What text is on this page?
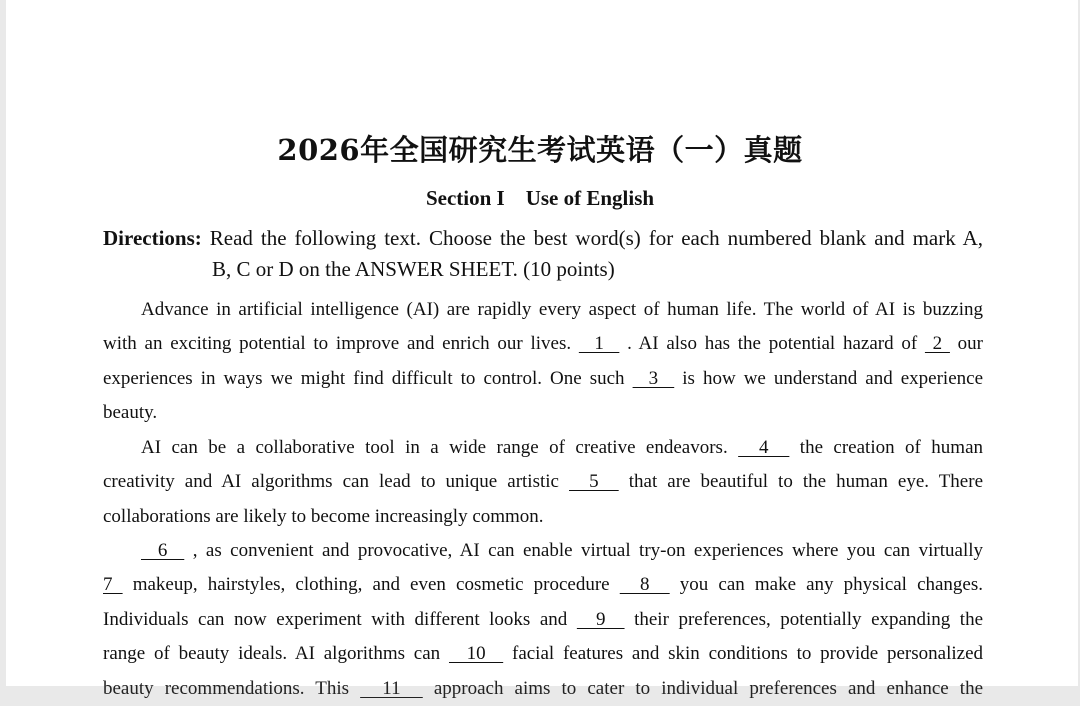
2026年全国研究生考试英语（一）真题
Section I    Use of English
Directions: Read the following text. Choose the best word(s) for each numbered blank and mark A,
B, C or D on the ANSWER SHEET. (10 points)
Advance in artificial intelligence (AI) are rapidly every aspect of human life. The world of AI is buzzing
with an exciting potential to improve and enrich our lives.   1   . AI also has the potential hazard of  2  our
experiences in ways we might find difficult to control. One such   3   is how we understand and experience
beauty.
AI can be a collaborative tool in a wide range of creative endeavors.   4   the creation of human
creativity and AI algorithms can lead to unique artistic   5   that are beautiful to the human eye. There
collaborations are likely to become increasingly common.
6   , as convenient and provocative, AI can enable virtual try-on experiences where you can virtually
7  makeup, hairstyles, clothing, and even cosmetic procedure   8   you can make any physical changes.
Individuals can now experiment with different looks and   9   their preferences, potentially expanding the
range of beauty ideals. AI algorithms can   10   facial features and skin conditions to provide personalized
beauty recommendations. This   11   approach aims to cater to individual preferences and enhance the
